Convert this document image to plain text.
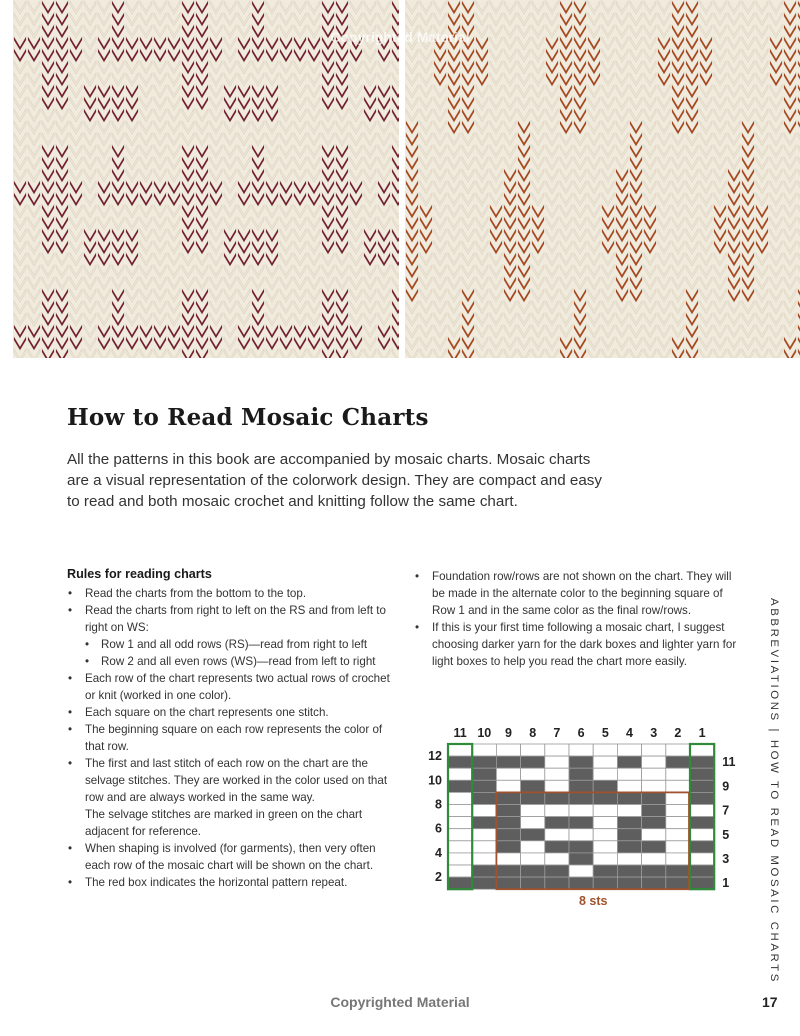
Copyrighted Material
How to Read Mosaic Charts

All the patterns in this book are accompanied by mosaic charts. Mosaic charts are a visual representation of the colorwork design. They are compact and easy to read and both mosaic crochet and knitting follow the same chart.

Rules for reading charts
• Read the charts from the bottom to the top.
• Read the charts from right to left on the RS and from left to right on WS:
• Row 1 and all odd rows (RS)—read from right to left
• Row 2 and all even rows (WS)—read from left to right
• Each row of the chart represents two actual rows of crochet or knit (worked in one color).
• Each square on the chart represents one stitch.
• The beginning square on each row represents the color of that row.
• The first and last stitch of each row on the chart are the selvage stitches. They are worked in the color used on that row and are always worked in the same way.
The selvage stitches are marked in green on the chart adjacent for reference.
• When shaping is involved (for garments), then very often each row of the mosaic chart will be shown on the chart.
• The red box indicates the horizontal pattern repeat.
• Foundation row/rows are not shown on the chart. They will be made in the alternate color to the beginning square of Row 1 and in the same color as the final row/rows.
• If this is your first time following a mosaic chart, I suggest choosing darker yarn for the dark boxes and lighter yarn for light boxes to help you read the chart more easily.
11 10 9 8 7 6 5 4 3 2 1
12
10
8
6
4
2
11
9
7
5
3
1
8 sts	ABBREVIATIONS | HOW TO READ MOSAIC CHARTS
Copyrighted Material	17
